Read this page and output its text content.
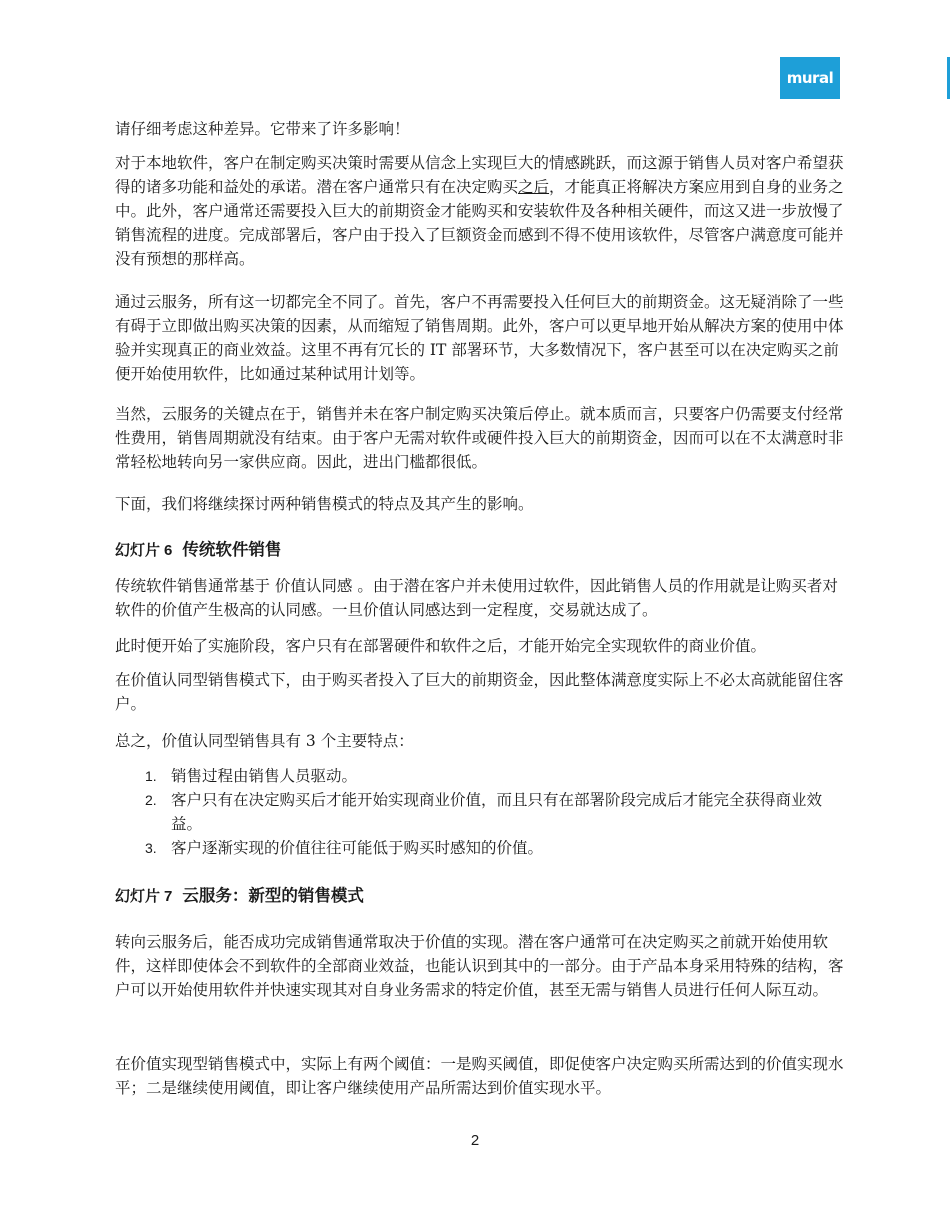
mural

请仔细考虑这种差异。它带来了许多影响！

对于本地软件，客户在制定购买决策时需要从信念上实现巨大的情感跳跃，而这源于销售人员对客户希望获得的诸多功能和益处的承诺。潜在客户通常只有在决定购买之后，才能真正将解决方案应用到自身的业务之中。此外，客户通常还需要投入巨大的前期资金才能购买和安装软件及各种相关硬件，而这又进一步放慢了销售流程的进度。完成部署后，客户由于投入了巨额资金而感到不得不使用该软件，尽管客户满意度可能并没有预想的那样高。

通过云服务，所有这一切都完全不同了。首先，客户不再需要投入任何巨大的前期资金。这无疑消除了一些有碍于立即做出购买决策的因素，从而缩短了销售周期。此外，客户可以更早地开始从解决方案的使用中体验并实现真正的商业效益。这里不再有冗长的 IT 部署环节，大多数情况下，客户甚至可以在决定购买之前便开始使用软件，比如通过某种试用计划等。

当然，云服务的关键点在于，销售并未在客户制定购买决策后停止。就本质而言，只要客户仍需要支付经常性费用，销售周期就没有结束。由于客户无需对软件或硬件投入巨大的前期资金，因而可以在不太满意时非常轻松地转向另一家供应商。因此，进出门槛都很低。

下面，我们将继续探讨两种销售模式的特点及其产生的影响。

幻灯片 6 传统软件销售

传统软件销售通常基于 价值认同感 。由于潜在客户并未使用过软件，因此销售人员的作用就是让购买者对软件的价值产生极高的认同感。一旦价值认同感达到一定程度，交易就达成了。

此时便开始了实施阶段，客户只有在部署硬件和软件之后，才能开始完全实现软件的商业价值。

在价值认同型销售模式下，由于购买者投入了巨大的前期资金，因此整体满意度实际上不必太高就能留住客户。

总之，价值认同型销售具有 3 个主要特点：

1. 销售过程由销售人员驱动。
2. 客户只有在决定购买后才能开始实现商业价值，而且只有在部署阶段完成后才能完全获得商业效益。
3. 客户逐渐实现的价值往往可能低于购买时感知的价值。
幻灯片 7 云服务：新型的销售模式

转向云服务后，能否成功完成销售通常取决于价值的实现。潜在客户通常可在决定购买之前就开始使用软件，这样即使体会不到软件的全部商业效益，也能认识到其中的一部分。由于产品本身采用特殊的结构，客户可以开始使用软件并快速实现其对自身业务需求的特定价值，甚至无需与销售人员进行任何人际互动。

在价值实现型销售模式中，实际上有两个阈值：一是购买阈值，即促使客户决定购买所需达到的价值实现水平；二是继续使用阈值，即让客户继续使用产品所需达到价值实现水平。

2
